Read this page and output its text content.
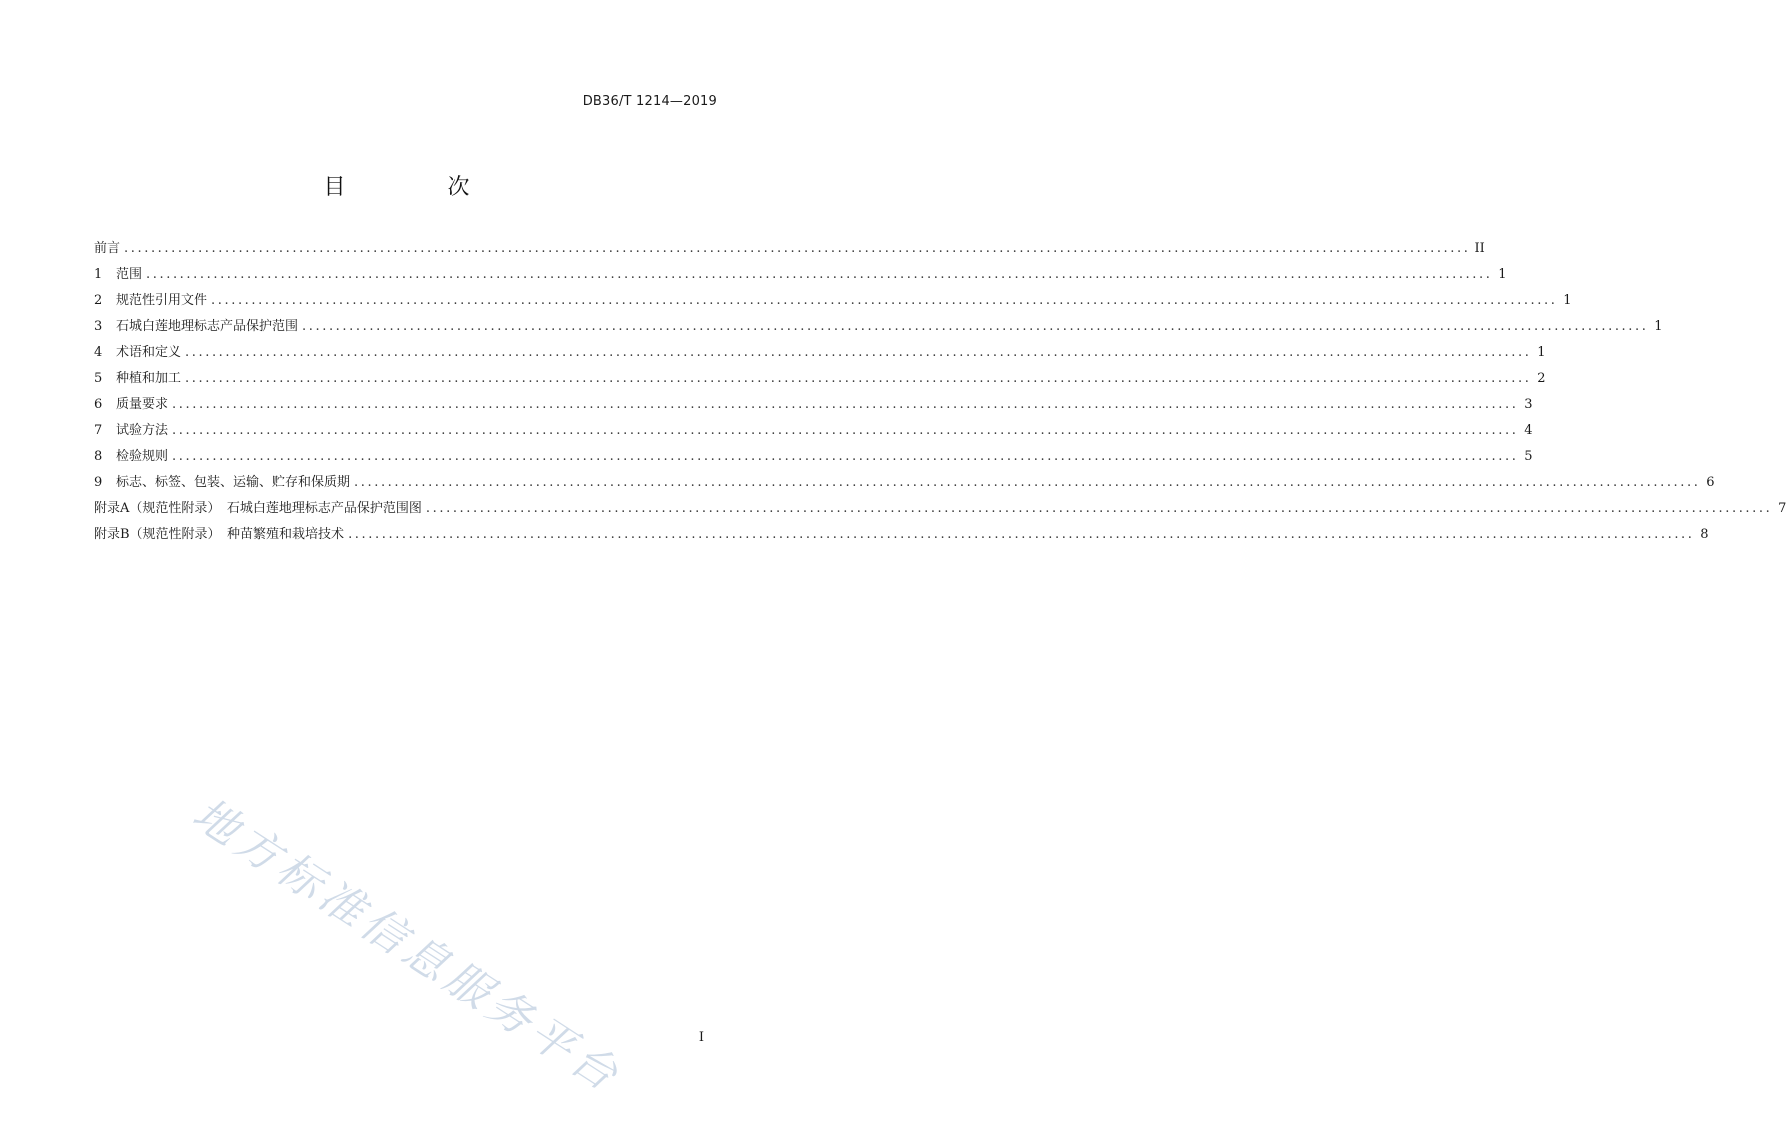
DB36/T 1214—2019
目　次
前言 ........................................................................................................................................................................................................ II
1 范围 ........................................................................................................................................................................................................ 1
2 规范性引用文件 ........................................................................................................................................................................................................ 1
3 石城白莲地理标志产品保护范围 ........................................................................................................................................................................................................ 1
4 术语和定义 ........................................................................................................................................................................................................ 1
5 种植和加工 ........................................................................................................................................................................................................ 2
6 质量要求 ........................................................................................................................................................................................................ 3
7 试验方法 ........................................................................................................................................................................................................ 4
8 检验规则 ........................................................................................................................................................................................................ 5
9 标志、标签、包装、运输、贮存和保质期 ........................................................................................................................................................................................................ 6
附录A（规范性附录）　石城白莲地理标志产品保护范围图 ........................................................................................................................................................................................................ 7
附录B（规范性附录）　种苗繁殖和栽培技术 ........................................................................................................................................................................................................ 8
地方标准信息服务平台	I
